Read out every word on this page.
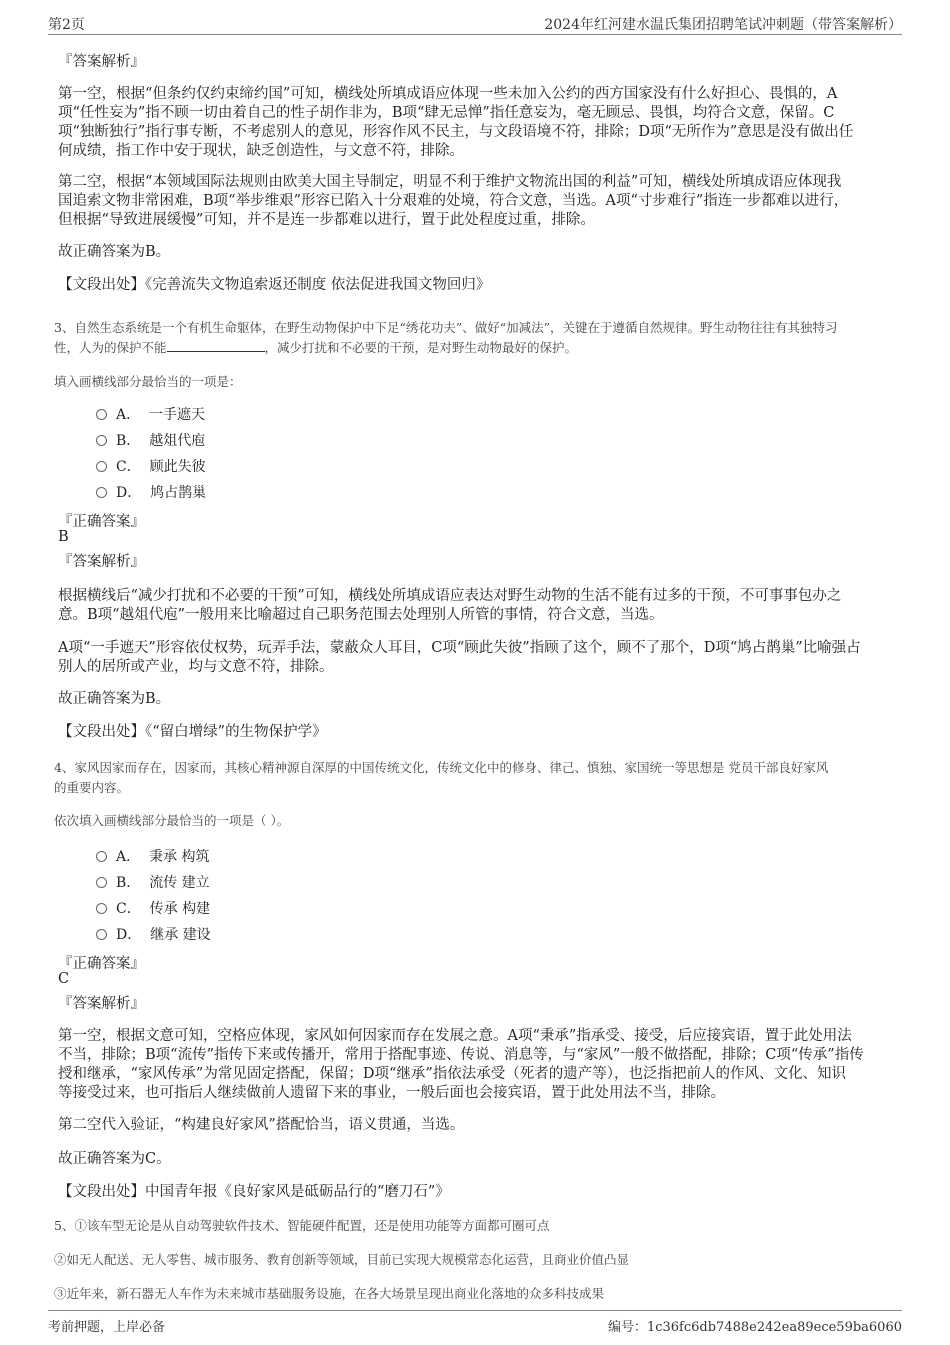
第2页	2024年红河建水温氏集团招聘笔试冲刺题（带答案解析）
『答案解析』
第一空，根据“但条约仅约束缔约国”可知，横线处所填成语应体现一些未加入公约的西方国家没有什么好担心、畏惧的，A
项“任性妄为”指不顾一切由着自己的性子胡作非为，B项“肆无忌惮”指任意妄为，毫无顾忌、畏惧，均符合文意，保留。C
项“独断独行”指行事专断，不考虑别人的意见，形容作风不民主，与文段语境不符，排除；D项“无所作为”意思是没有做出任
何成绩，指工作中安于现状，缺乏创造性，与文意不符，排除。
第二空，根据“本领域国际法规则由欧美大国主导制定，明显不利于维护文物流出国的利益”可知，横线处所填成语应体现我
国追索文物非常困难，B项“举步维艰”形容已陷入十分艰难的处境，符合文意，当选。A项“寸步难行”指连一步都难以进行，
但根据“导致进展缓慢”可知，并不是连一步都难以进行，置于此处程度过重，排除。
故正确答案为B。
【文段出处】《完善流失文物追索返还制度 依法促进我国文物回归》
3、自然生态系统是一个有机生命躯体，在野生动物保护中下足“绣花功夫”、做好“加减法”，关键在于遵循自然规律。野生动物往往有其独特习
性，人为的保护不能	，减少打扰和不必要的干预，是对野生动物最好的保护。
填入画横线部分最恰当的一项是：
A． 一手遮天
B． 越俎代庖
C． 顾此失彼
D． 鸠占鹊巢
『正确答案』
B
『答案解析』
根据横线后“减少打扰和不必要的干预”可知，横线处所填成语应表达对野生动物的生活不能有过多的干预，不可事事包办之
意。B项“越俎代庖”一般用来比喻超过自己职务范围去处理别人所管的事情，符合文意，当选。
A项“一手遮天”形容依仗权势，玩弄手法，蒙蔽众人耳目，C项“顾此失彼”指顾了这个，顾不了那个，D项“鸠占鹊巢”比喻强占
别人的居所或产业，均与文意不符，排除。
故正确答案为B。
【文段出处】《“留白增绿”的生物保护学》
4、家风因家而存在，因家而，其核心精神源自深厚的中国传统文化，传统文化中的修身、律己、慎独、家国统一等思想是 党员干部良好家风
的重要内容。
依次填入画横线部分最恰当的一项是（ ）。
A． 秉承 构筑
B． 流传 建立
C． 传承 构建
D． 继承 建设
『正确答案』
C
『答案解析』
第一空，根据文意可知，空格应体现，家风如何因家而存在发展之意。A项“秉承”指承受、接受，后应接宾语，置于此处用法
不当，排除；B项“流传”指传下来或传播开，常用于搭配事迹、传说、消息等，与“家风”一般不做搭配，排除；C项“传承”指传
授和继承，“家风传承”为常见固定搭配，保留；D项“继承”指依法承受（死者的遗产等），也泛指把前人的作风、文化、知识
等接受过来，也可指后人继续做前人遗留下来的事业，一般后面也会接宾语，置于此处用法不当，排除。
第二空代入验证，“构建良好家风”搭配恰当，语义贯通，当选。
故正确答案为C。
【文段出处】中国青年报《良好家风是砥砺品行的“磨刀石”》
5、①该车型无论是从自动驾驶软件技术、智能硬件配置，还是使用功能等方面都可圈可点
②如无人配送、无人零售、城市服务、教育创新等领域，目前已实现大规模常态化运营，且商业价值凸显
③近年来，新石器无人车作为未来城市基础服务设施，在各大场景呈现出商业化落地的众多科技成果
考前押题，上岸必备	编号：1c36fc6db7488e242ea89ece59ba6060
